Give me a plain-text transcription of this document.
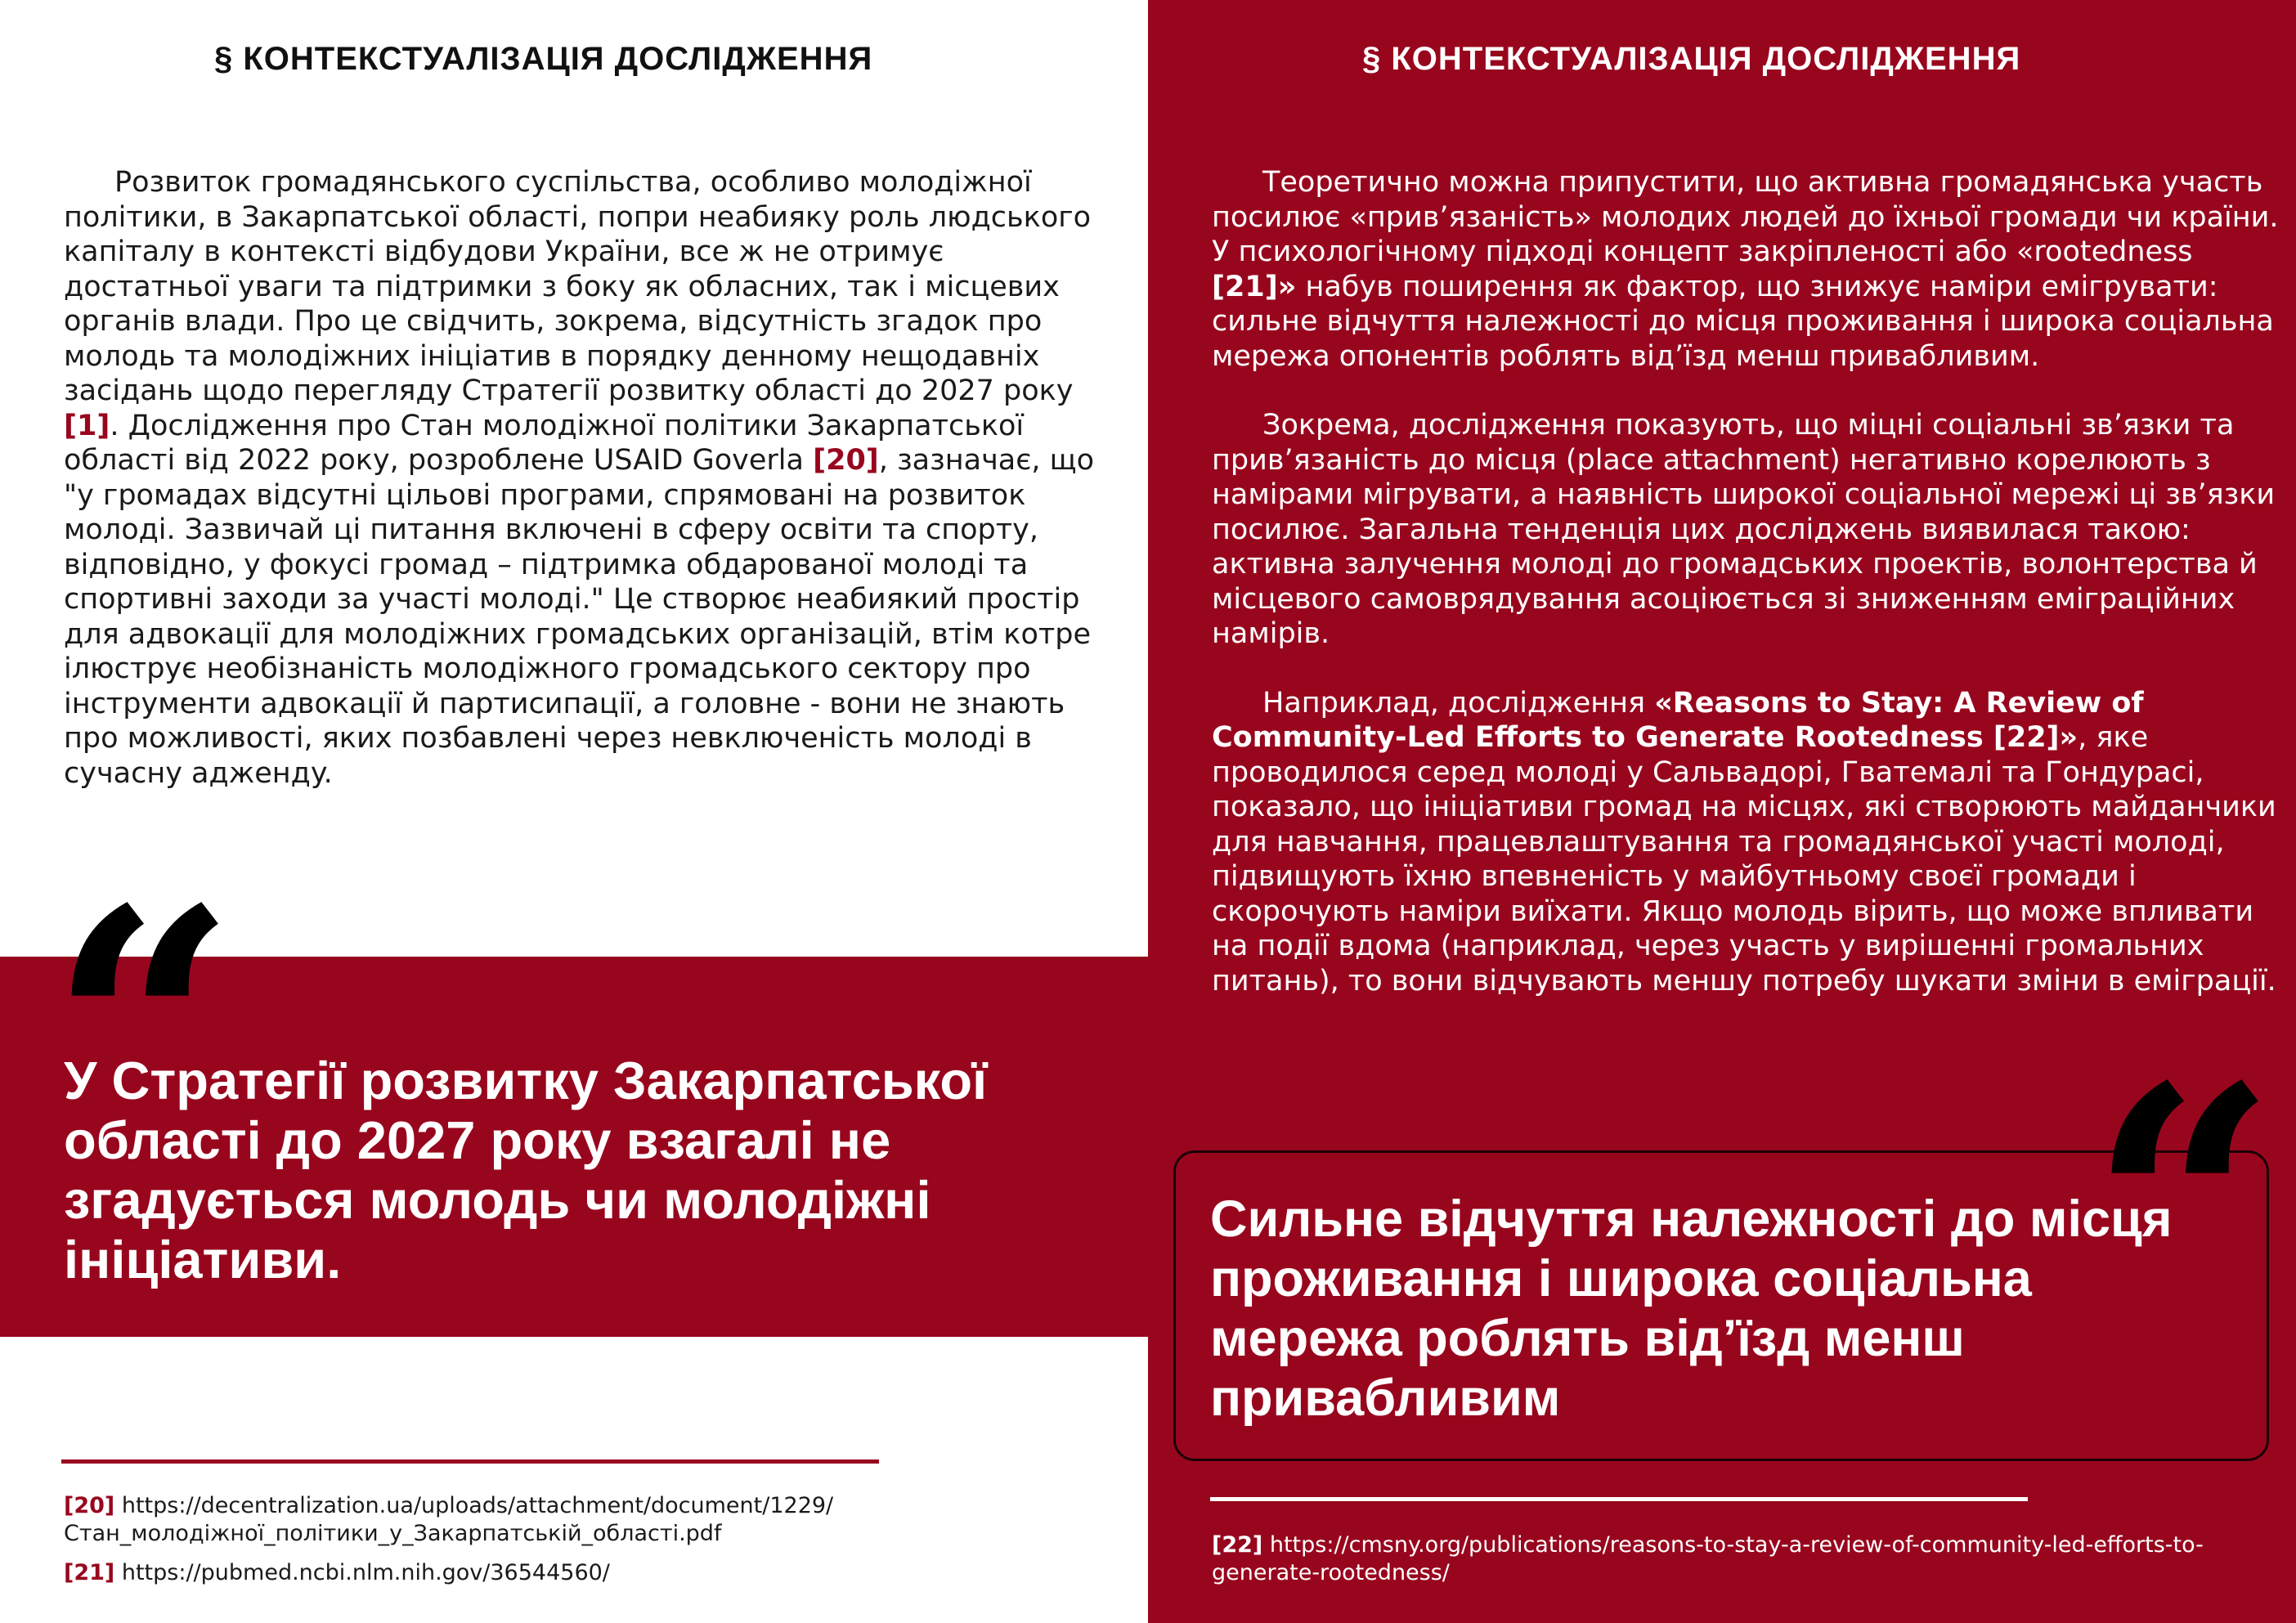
§ КОНТЕКСТУАЛІЗАЦІЯ ДОСЛІДЖЕННЯ

Розвиток громадянського суспільства, особливо молодіжної політики, в Закарпатської області, попри неабияку роль людського капіталу в контексті відбудови України, все ж не отримує достатньої уваги та підтримки з боку як обласних, так і місцевих органів влади. Про це свідчить, зокрема, відсутність згадок про молодь та молодіжних ініціатив в порядку денному нещодавніх засідань щодо перегляду Стратегії розвитку області до 2027 року [1]. Дослідження про Стан молодіжної політики Закарпатської області від 2022 року, розроблене USAID Goverla [20], зазначає, що "у громадах відсутні цільові програми, спрямовані на розвиток молоді. Зазвичай ці питання включені в сферу освіти та спорту, відповідно, у фокусі громад – підтримка обдарованої молоді та спортивні заходи за участі молоді." Це створює неабиякий простір для адвокації для молодіжних громадських організацій, втім котре ілюструє необізнаність молодіжного громадського сектору про інструменти адвокації й партисипації, а головне - вони не знають про можливості, яких позбавлені через невключеність молоді в сучасну аджендy.

“

У Стратегії розвитку Закарпатської області до 2027 року взагалі не згадується молодь чи молодіжні ініціативи.

[20] https://decentralization.ua/uploads/attachment/document/1229/ Стан_молодіжної_політики_у_Закарпатській_області.pdf

[21] https://pubmed.ncbi.nlm.nih.gov/36544560/

§ КОНТЕКСТУАЛІЗАЦІЯ ДОСЛІДЖЕННЯ

Теоретично можна припустити, що активна громадянська участь посилює «прив’язаність» молодих людей до їхньої громади чи країни. У психологічному підході концепт закріпленості або «rootedness [21]» набув поширення як фактор, що знижує наміри емігрувати: сильне відчуття належності до місця проживання і широка соціальна мережа опонентів роблять від’їзд менш привабливим.

Зокрема, дослідження показують, що міцні соціальні зв’язки та прив’язаність до місця (place attachment) негативно корелюють з намірами мігрувати, а наявність широкої соціальної мережі ці зв’язки посилює. Загальна тенденція цих досліджень виявилася такою: активна залучення молоді до громадських проектів, волонтерства й місцевого самоврядування асоціюється зі зниженням еміграційних намірів.

Наприклад, дослідження «Reasons to Stay: A Review of Community-Led Efforts to Generate Rootedness [22]», яке проводилося серед молоді у Сальвадорі, Гватемалі та Гондурасі, показало, що ініціативи громад на місцях, які створюють майданчики для навчання, працевлаштування та громадянської участі молоді, підвищують їхню впевненість у майбутньому своєї громади і скорочують наміри виїхати. Якщо молодь вірить, що може впливати на події вдома (наприклад, через участь у вирішенні громальних питань), то вони відчувають меншу потребу шукати зміни в еміграції.

“

Сильне відчуття належності до місця проживання і широка соціальна мережа роблять від’їзд менш привабливим

[22] https://cmsny.org/publications/reasons-to-stay-a-review-of-community-led-efforts-to-generate-rootedness/
